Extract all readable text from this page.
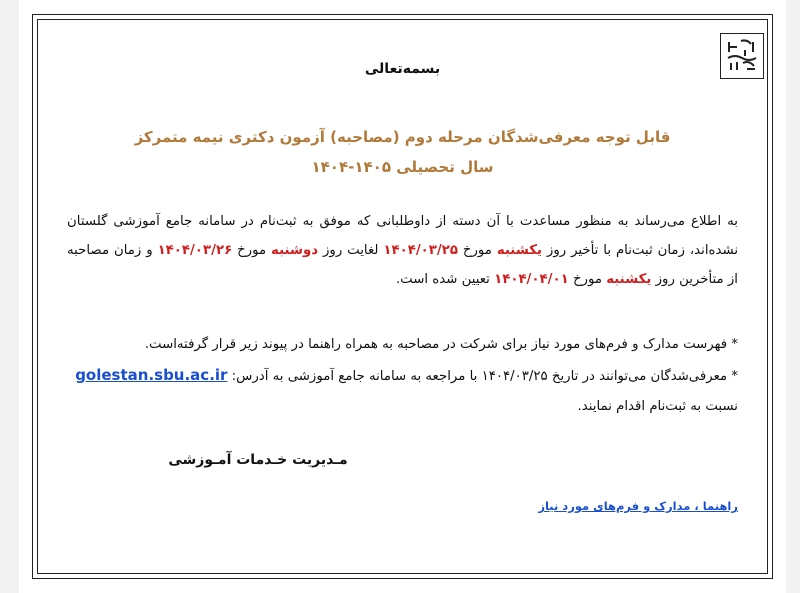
بسمه‌تعالی
قابل توجه معرفی‌شدگان مرحله دوم (مصاحبه) آزمون دکتری نیمه متمرکز
سال تحصیلی ۱۴۰۵-۱۴۰۴
به اطلاع می‌رساند به منظور مساعدت با آن دسته از داوطلبانی که موفق به ثبت‌نام در سامانه جامع آموزشی گلستان نشده‌اند، زمان ثبت‌نام با تأخیر روز یکشنبه مورخ ۱۴۰۴/۰۳/۲۵ لغایت روز دوشنبه مورخ ۱۴۰۴/۰۳/۲۶ و زمان مصاحبه از متأخرین روز یکشنبه مورخ ۱۴۰۴/۰۴/۰۱ تعیین شده است.

* فهرست مدارک و فرم‌های مورد نیاز برای شرکت در مصاحبه به همراه راهنما در پیوند زیر قرار گرفته‌است.

* معرفی‌شدگان می‌توانند در تاریخ ۱۴۰۴/۰۳/۲۵ با مراجعه به سامانه جامع آموزشی به آدرس: golestan.sbu.ac.ir

نسبت به ثبت‌نام اقدام نمایند.

مـدیریت خـدمات آمـوزشی
راهنما ، مدارک و فرم‌های مورد نیاز
